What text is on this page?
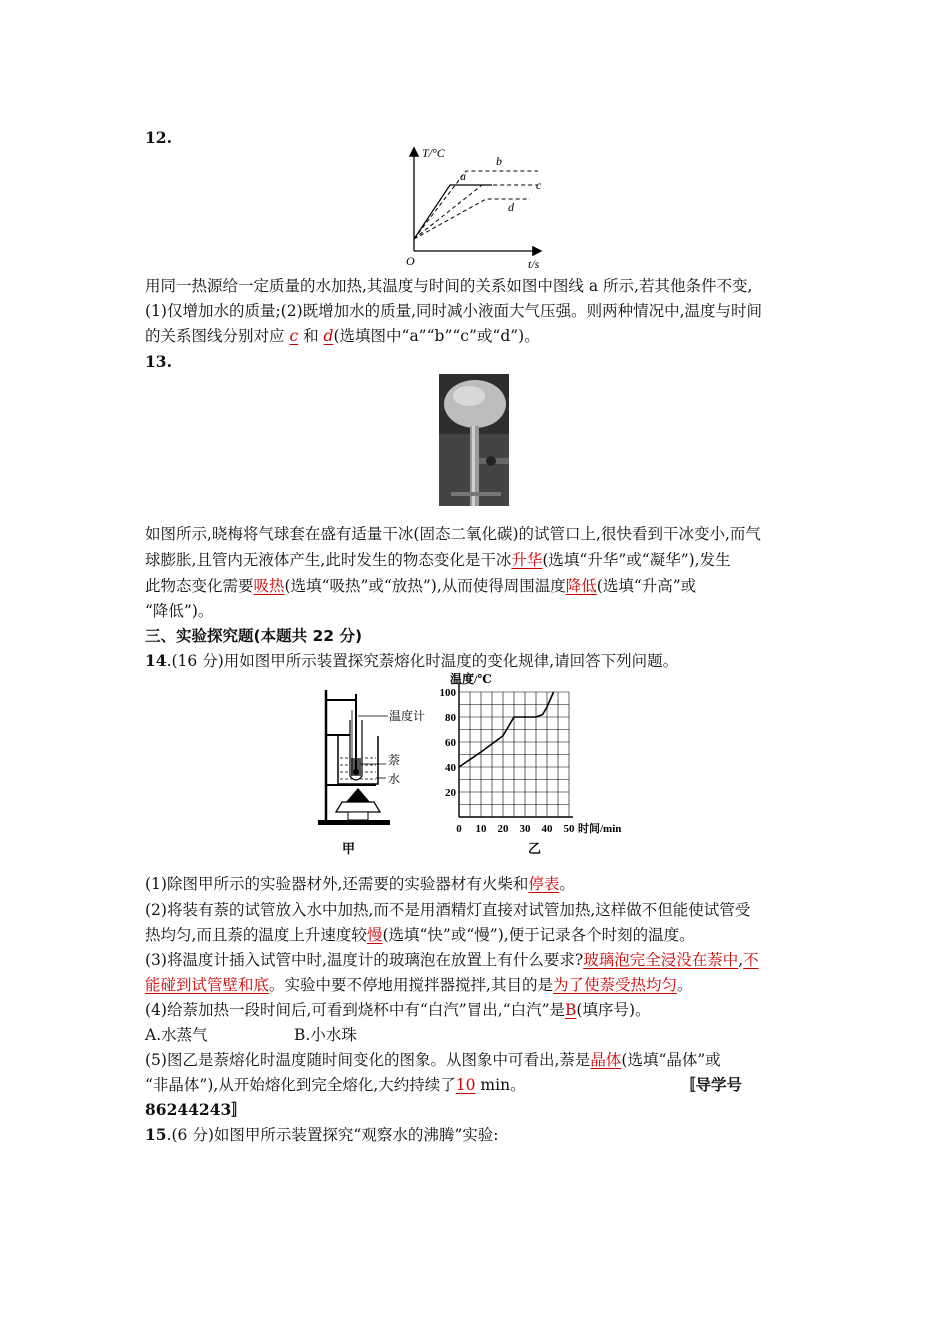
12.
T/°C
t/s
O
b
a
c
d
用同一热源给一定质量的水加热,其温度与时间的关系如图中图线 a 所示,若其他条件不变,
(1)仅增加水的质量;(2)既增加水的质量,同时减小液面大气压强。则两种情况中,温度与时间
的关系图线分别对应 c 和 d(选填图中“a”“b”“c”或“d”)。
13.
如图所示,晓梅将气球套在盛有适量干冰(固态二氧化碳)的试管口上,很快看到干冰变小,而气
球膨胀,且管内无液体产生,此时发生的物态变化是干冰升华(选填“升华”或“凝华”),发生
此物态变化需要吸热(选填“吸热”或“放热”),从而使得周围温度降低(选填“升高”或
“降低”)。
三、实验探究题(本题共 22 分)
14.(16 分)用如图甲所示装置探究萘熔化时温度的变化规律,请回答下列问题。
温度计
萘
水
甲
20
40
60
80
100
0 10 20 30 40 50
温度/℃
时间/min
乙
(1)除图甲所示的实验器材外,还需要的实验器材有火柴和停表。
(2)将装有萘的试管放入水中加热,而不是用酒精灯直接对试管加热,这样做不但能使试管受
热均匀,而且萘的温度上升速度较慢(选填“快”或“慢”),便于记录各个时刻的温度。
(3)将温度计插入试管中时,温度计的玻璃泡在放置上有什么要求?玻璃泡完全浸没在萘中,不
能碰到试管壁和底。实验中要不停地用搅拌器搅拌,其目的是为了使萘受热均匀。
(4)给萘加热一段时间后,可看到烧杯中有“白汽”冒出,“白汽”是B(填序号)。
A.水蒸气	B.小水珠
(5)图乙是萘熔化时温度随时间变化的图象。从图象中可看出,萘是晶体(选填“晶体”或
“非晶体”),从开始熔化到完全熔化,大约持续了10 min。	〚导学号
86244243〛
15.(6 分)如图甲所示装置探究“观察水的沸腾”实验:
